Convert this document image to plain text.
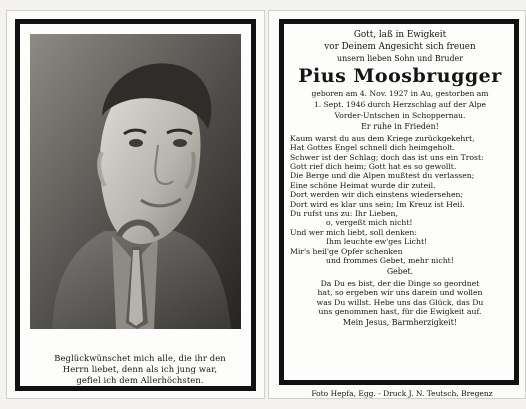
Beglückwünschet mich alle, die ihr den
Herrn liebet, denn als ich jung war,
gefiel ich dem Allerhöchsten.
Gott, laß in Ewigkeit
vor Deinem Angesicht sich freuen
unsern lieben Sohn und Bruder
Pius Moosbrugger
geboren am 4. Nov. 1927 in Au, gestorben am
1. Sept. 1946 durch Herzschlag auf der Alpe
Vorder-Untschen in Schoppernau.
Er ruhe in Frieden!
Kaum warst du aus dem Kriege zurückgekehrt,
Hat Gottes Engel schnell dich heimgeholt.
Schwer ist der Schlag; doch das ist uns ein Trost:
Gott rief dich heim; Gott hat es so gewollt.
Die Berge und die Alpen mußtest du verlassen;
Eine schöne Heimat wurde dir zuteil.
Dort werden wir dich einstens wiedersehen;
Dort wird es klar uns sein; Im Kreuz ist Heil.
Du rufst uns zu: Ihr Lieben,
o, vergeßt mich nicht!
Und wer mich liebt, soll denken:
Ihm leuchte ew'ges Licht!
Mir's heil'ge Opfer schenken
und frommes Gebet, mehr nicht!
Gebet.
Da Du es bist, der die Dinge so geordnet
hat, so ergeben wir uns darein und wollen
was Du willst. Hebe uns das Glück, das Du
uns genommen hast, für die Ewigkeit auf.
Mein Jesus, Barmherzigkeit!
Foto Hepfa, Egg. - Druck J. N. Teutsch, Bregenz
